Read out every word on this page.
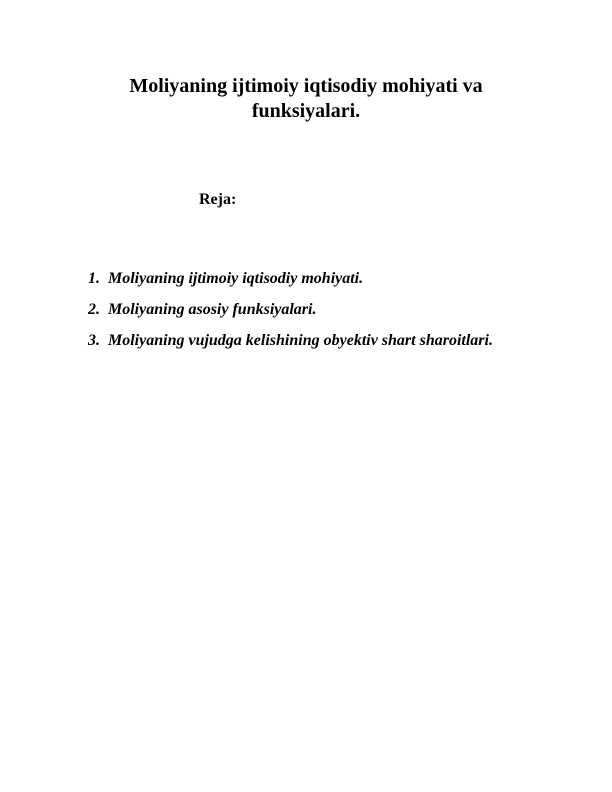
Moliyaning ijtimoiy iqtisodiy mohiyati va funksiyalari.
Reja:
1. Moliyaning ijtimoiy iqtisodiy mohiyati.
2. Moliyaning asosiy funksiyalari.
3. Moliyaning vujudga kelishining obyektiv shart sharoitlari.
